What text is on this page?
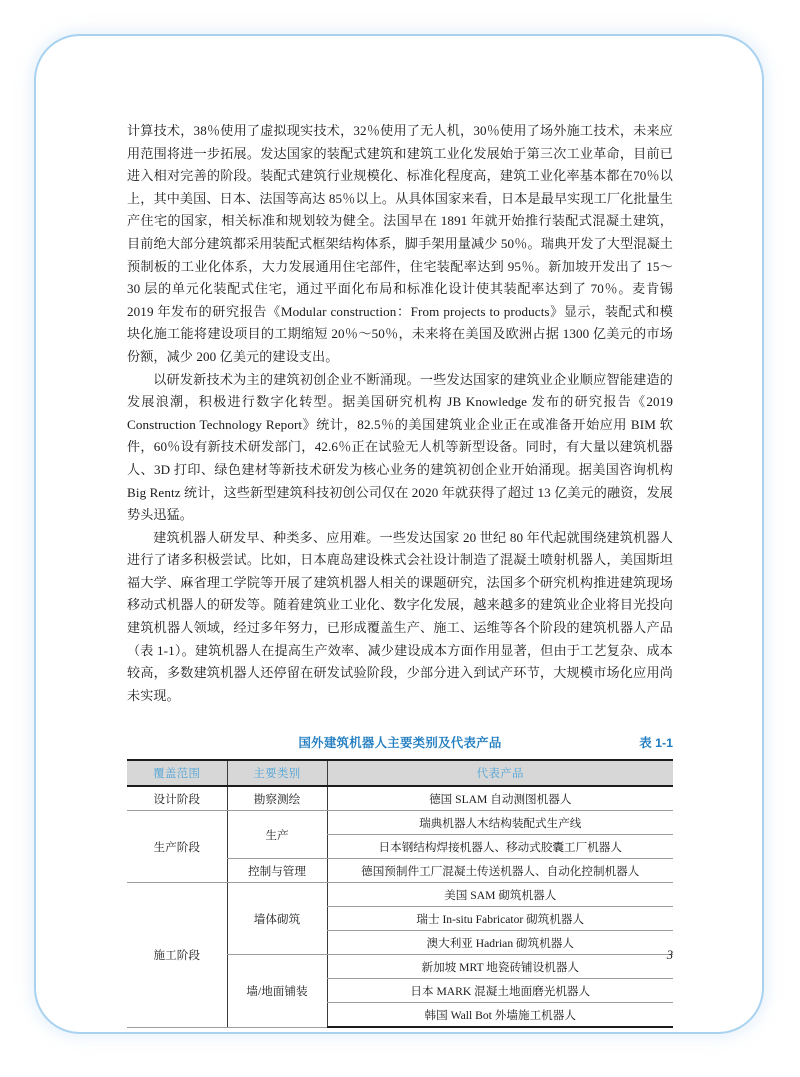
计算技术，38％使用了虚拟现实技术，32％使用了无人机，30％使用了场外施工技术，未来应用范围将进一步拓展。发达国家的装配式建筑和建筑工业化发展始于第三次工业革命，目前已进入相对完善的阶段。装配式建筑行业规模化、标准化程度高，建筑工业化率基本都在70％以上，其中美国、日本、法国等高达 85％以上。从具体国家来看，日本是最早实现工厂化批量生产住宅的国家，相关标准和规划较为健全。法国早在 1891 年就开始推行装配式混凝土建筑，目前绝大部分建筑都采用装配式框架结构体系，脚手架用量减少 50％。瑞典开发了大型混凝土预制板的工业化体系，大力发展通用住宅部件，住宅装配率达到 95％。新加坡开发出了 15～30 层的单元化装配式住宅，通过平面化布局和标准化设计使其装配率达到了 70％。麦肯锡 2019 年发布的研究报告《Modular construction：From projects to products》显示，装配式和模块化施工能将建设项目的工期缩短 20％～50％，未来将在美国及欧洲占据 1300 亿美元的市场份额，减少 200 亿美元的建设支出。

以研发新技术为主的建筑初创企业不断涌现。一些发达国家的建筑业企业顺应智能建造的发展浪潮，积极进行数字化转型。据美国研究机构 JB Knowledge 发布的研究报告《2019 Construction Technology Report》统计，82.5％的美国建筑业企业正在或准备开始应用 BIM 软件，60％设有新技术研发部门，42.6％正在试验无人机等新型设备。同时，有大量以建筑机器人、3D 打印、绿色建材等新技术研发为核心业务的建筑初创企业开始涌现。据美国咨询机构 Big Rentz 统计，这些新型建筑科技初创公司仅在 2020 年就获得了超过 13 亿美元的融资，发展势头迅猛。

建筑机器人研发早、种类多、应用难。一些发达国家 20 世纪 80 年代起就围绕建筑机器人进行了诸多积极尝试。比如，日本鹿岛建设株式会社设计制造了混凝土喷射机器人，美国斯坦福大学、麻省理工学院等开展了建筑机器人相关的课题研究，法国多个研究机构推进建筑现场移动式机器人的研发等。随着建筑业工业化、数字化发展，越来越多的建筑业企业将目光投向建筑机器人领域，经过多年努力，已形成覆盖生产、施工、运维等各个阶段的建筑机器人产品（表 1-1）。建筑机器人在提高生产效率、减少建设成本方面作用显著，但由于工艺复杂、成本较高，多数建筑机器人还停留在研发试验阶段，少部分进入到试产环节，大规模市场化应用尚未实现。

国外建筑机器人主要类别及代表产品	表 1-1
覆盖范围	主要类别	代表产品
设计阶段	勘察测绘	德国 SLAM 自动测图机器人
生产阶段	生产	瑞典机器人木结构装配式生产线
		日本钢结构焊接机器人、移动式胶囊工厂机器人
	控制与管理	德国预制件工厂混凝土传送机器人、自动化控制机器人
施工阶段	墙体砌筑	美国 SAM 砌筑机器人
		瑞士 In-situ Fabricator 砌筑机器人
		澳大利亚 Hadrian 砌筑机器人
	墙/地面铺装	新加坡 MRT 地瓷砖铺设机器人
		日本 MARK 混凝土地面磨光机器人
		韩国 Wall Bot 外墙施工机器人
3
